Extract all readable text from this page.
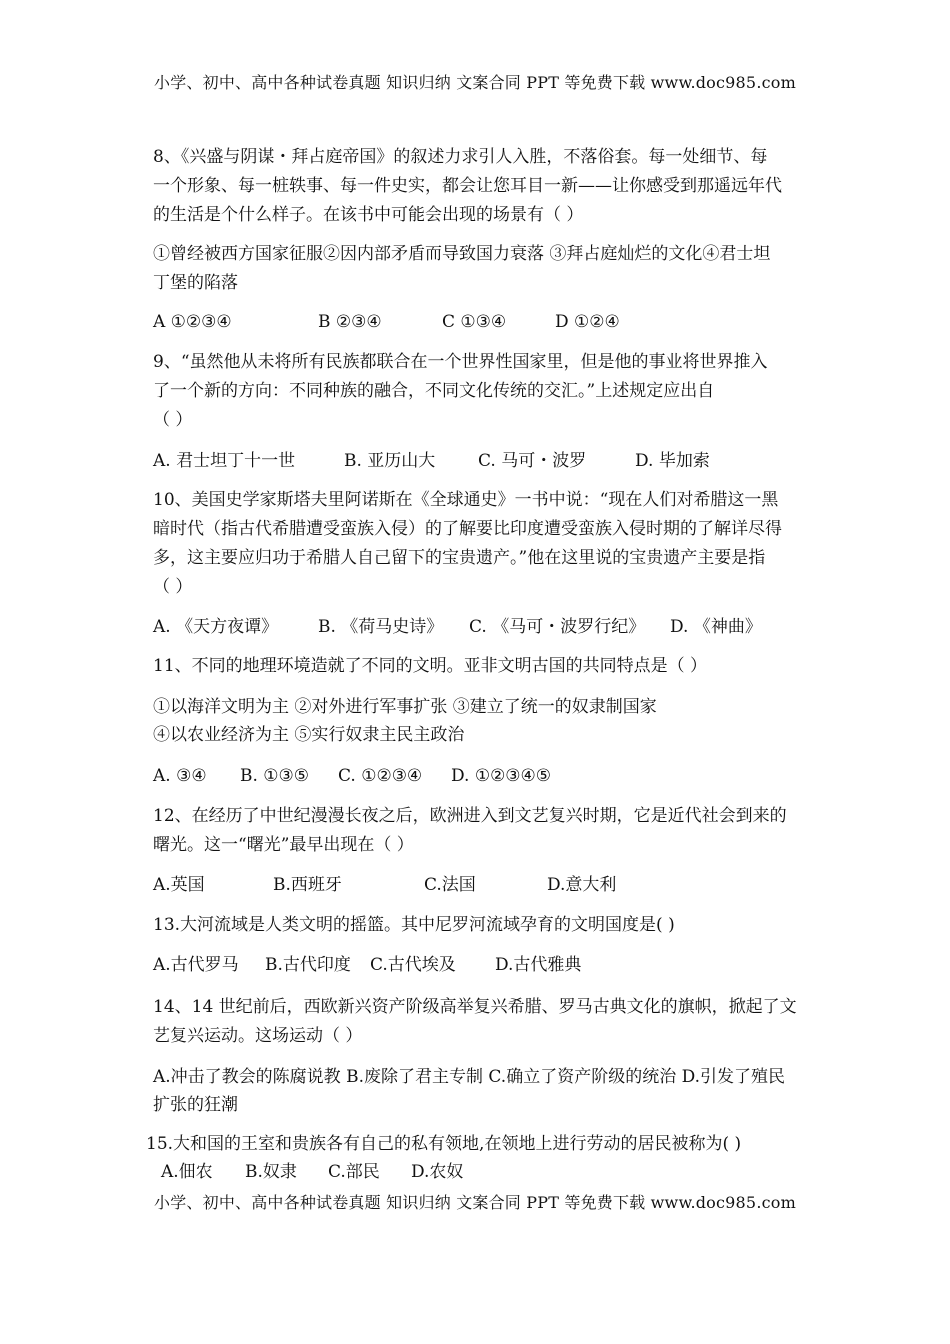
小学、初中、高中各种试卷真题 知识归纳 文案合同 PPT 等免费下载 www.doc985.com
8、《兴盛与阴谋・拜占庭帝国》的叙述力求引人入胜，不落俗套。每一处细节、每
一个形象、每一桩轶事、每一件史实，都会让您耳目一新——让你感受到那遥远年代
的生活是个什么样子。在该书中可能会出现的场景有（ ）
①曾经被西方国家征服②因内部矛盾而导致国力衰落 ③拜占庭灿烂的文化④君士坦
丁堡的陷落
A ①②③④	B ②③④	C ①③④	D ①②④
9、“虽然他从未将所有民族都联合在一个世界性国家里，但是他的事业将世界推入
了一个新的方向：不同种族的融合，不同文化传统的交汇。”上述规定应出自
（ ）
A. 君士坦丁十一世	B. 亚历山大	C. 马可・波罗	D. 毕加索
10、美国史学家斯塔夫里阿诺斯在《全球通史》一书中说：“现在人们对希腊这一黑
暗时代（指古代希腊遭受蛮族入侵）的了解要比印度遭受蛮族入侵时期的了解详尽得
多，这主要应归功于希腊人自己留下的宝贵遗产。”他在这里说的宝贵遗产主要是指
（ ）
A. 《天方夜谭》 B. 《荷马史诗》 C. 《马可・波罗行纪》 D. 《神曲》
11、不同的地理环境造就了不同的文明。亚非文明古国的共同特点是（ ）
①以海洋文明为主 ②对外进行军事扩张 ③建立了统一的奴隶制国家
④以农业经济为主 ⑤实行奴隶主民主政治
A. ③④ B. ①③⑤ C. ①②③④ D. ①②③④⑤
12、在经历了中世纪漫漫长夜之后，欧洲进入到文艺复兴时期，它是近代社会到来的
曙光。这一“曙光”最早出现在（ ）
A.英国	B.西班牙	C.法国	D.意大利
13.大河流域是人类文明的摇篮。其中尼罗河流域孕育的文明国度是( )
A.古代罗马 B.古代印度 C.古代埃及 D.古代雅典
14、14 世纪前后，西欧新兴资产阶级高举复兴希腊、罗马古典文化的旗帜，掀起了文
艺复兴运动。这场运动（ ）
A.冲击了教会的陈腐说教 B.废除了君主专制 C.确立了资产阶级的统治 D.引发了殖民
扩张的狂潮
15.大和国的王室和贵族各有自己的私有领地,在领地上进行劳动的居民被称为( )
A.佃农 B.奴隶 C.部民 D.农奴
小学、初中、高中各种试卷真题 知识归纳 文案合同 PPT 等免费下载 www.doc985.com
